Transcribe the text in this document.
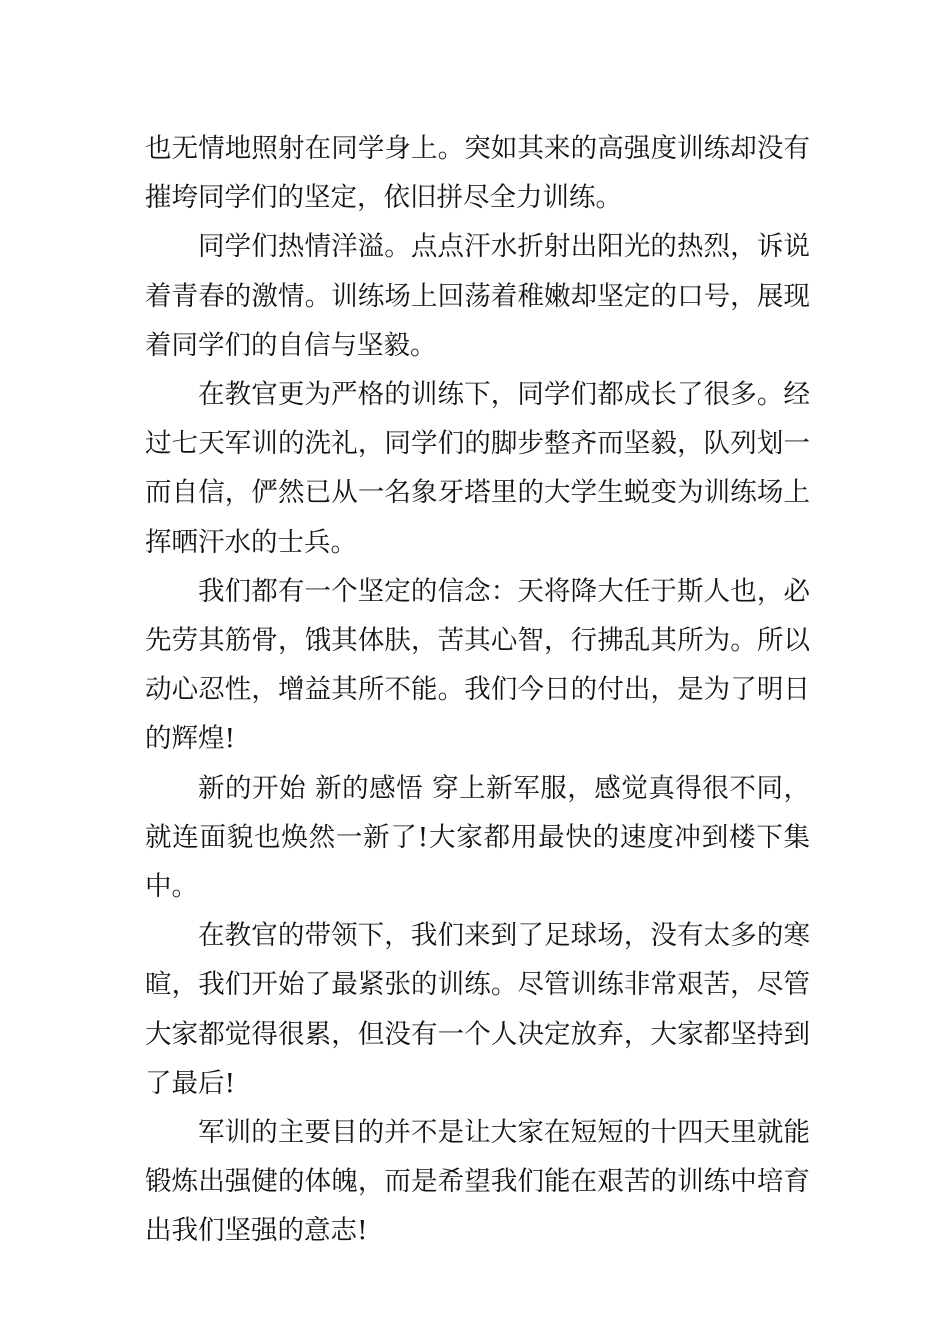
也无情地照射在同学身上。突如其来的高强度训练却没有摧垮同学们的坚定，依旧拼尽全力训练。

同学们热情洋溢。点点汗水折射出阳光的热烈，诉说着青春的激情。训练场上回荡着稚嫩却坚定的口号，展现着同学们的自信与坚毅。

在教官更为严格的训练下，同学们都成长了很多。经过七天军训的洗礼，同学们的脚步整齐而坚毅，队列划一而自信，俨然已从一名象牙塔里的大学生蜕变为训练场上挥晒汗水的士兵。

我们都有一个坚定的信念：天将降大任于斯人也，必先劳其筋骨，饿其体肤，苦其心智，行拂乱其所为。所以动心忍性，增益其所不能。我们今日的付出，是为了明日的辉煌!

新的开始 新的感悟 穿上新军服，感觉真得很不同，就连面貌也焕然一新了!大家都用最快的速度冲到楼下集中。

在教官的带领下，我们来到了足球场，没有太多的寒暄，我们开始了最紧张的训练。尽管训练非常艰苦，尽管大家都觉得很累，但没有一个人决定放弃，大家都坚持到了最后!

军训的主要目的并不是让大家在短短的十四天里就能锻炼出强健的体魄，而是希望我们能在艰苦的训练中培育出我们坚强的意志!
